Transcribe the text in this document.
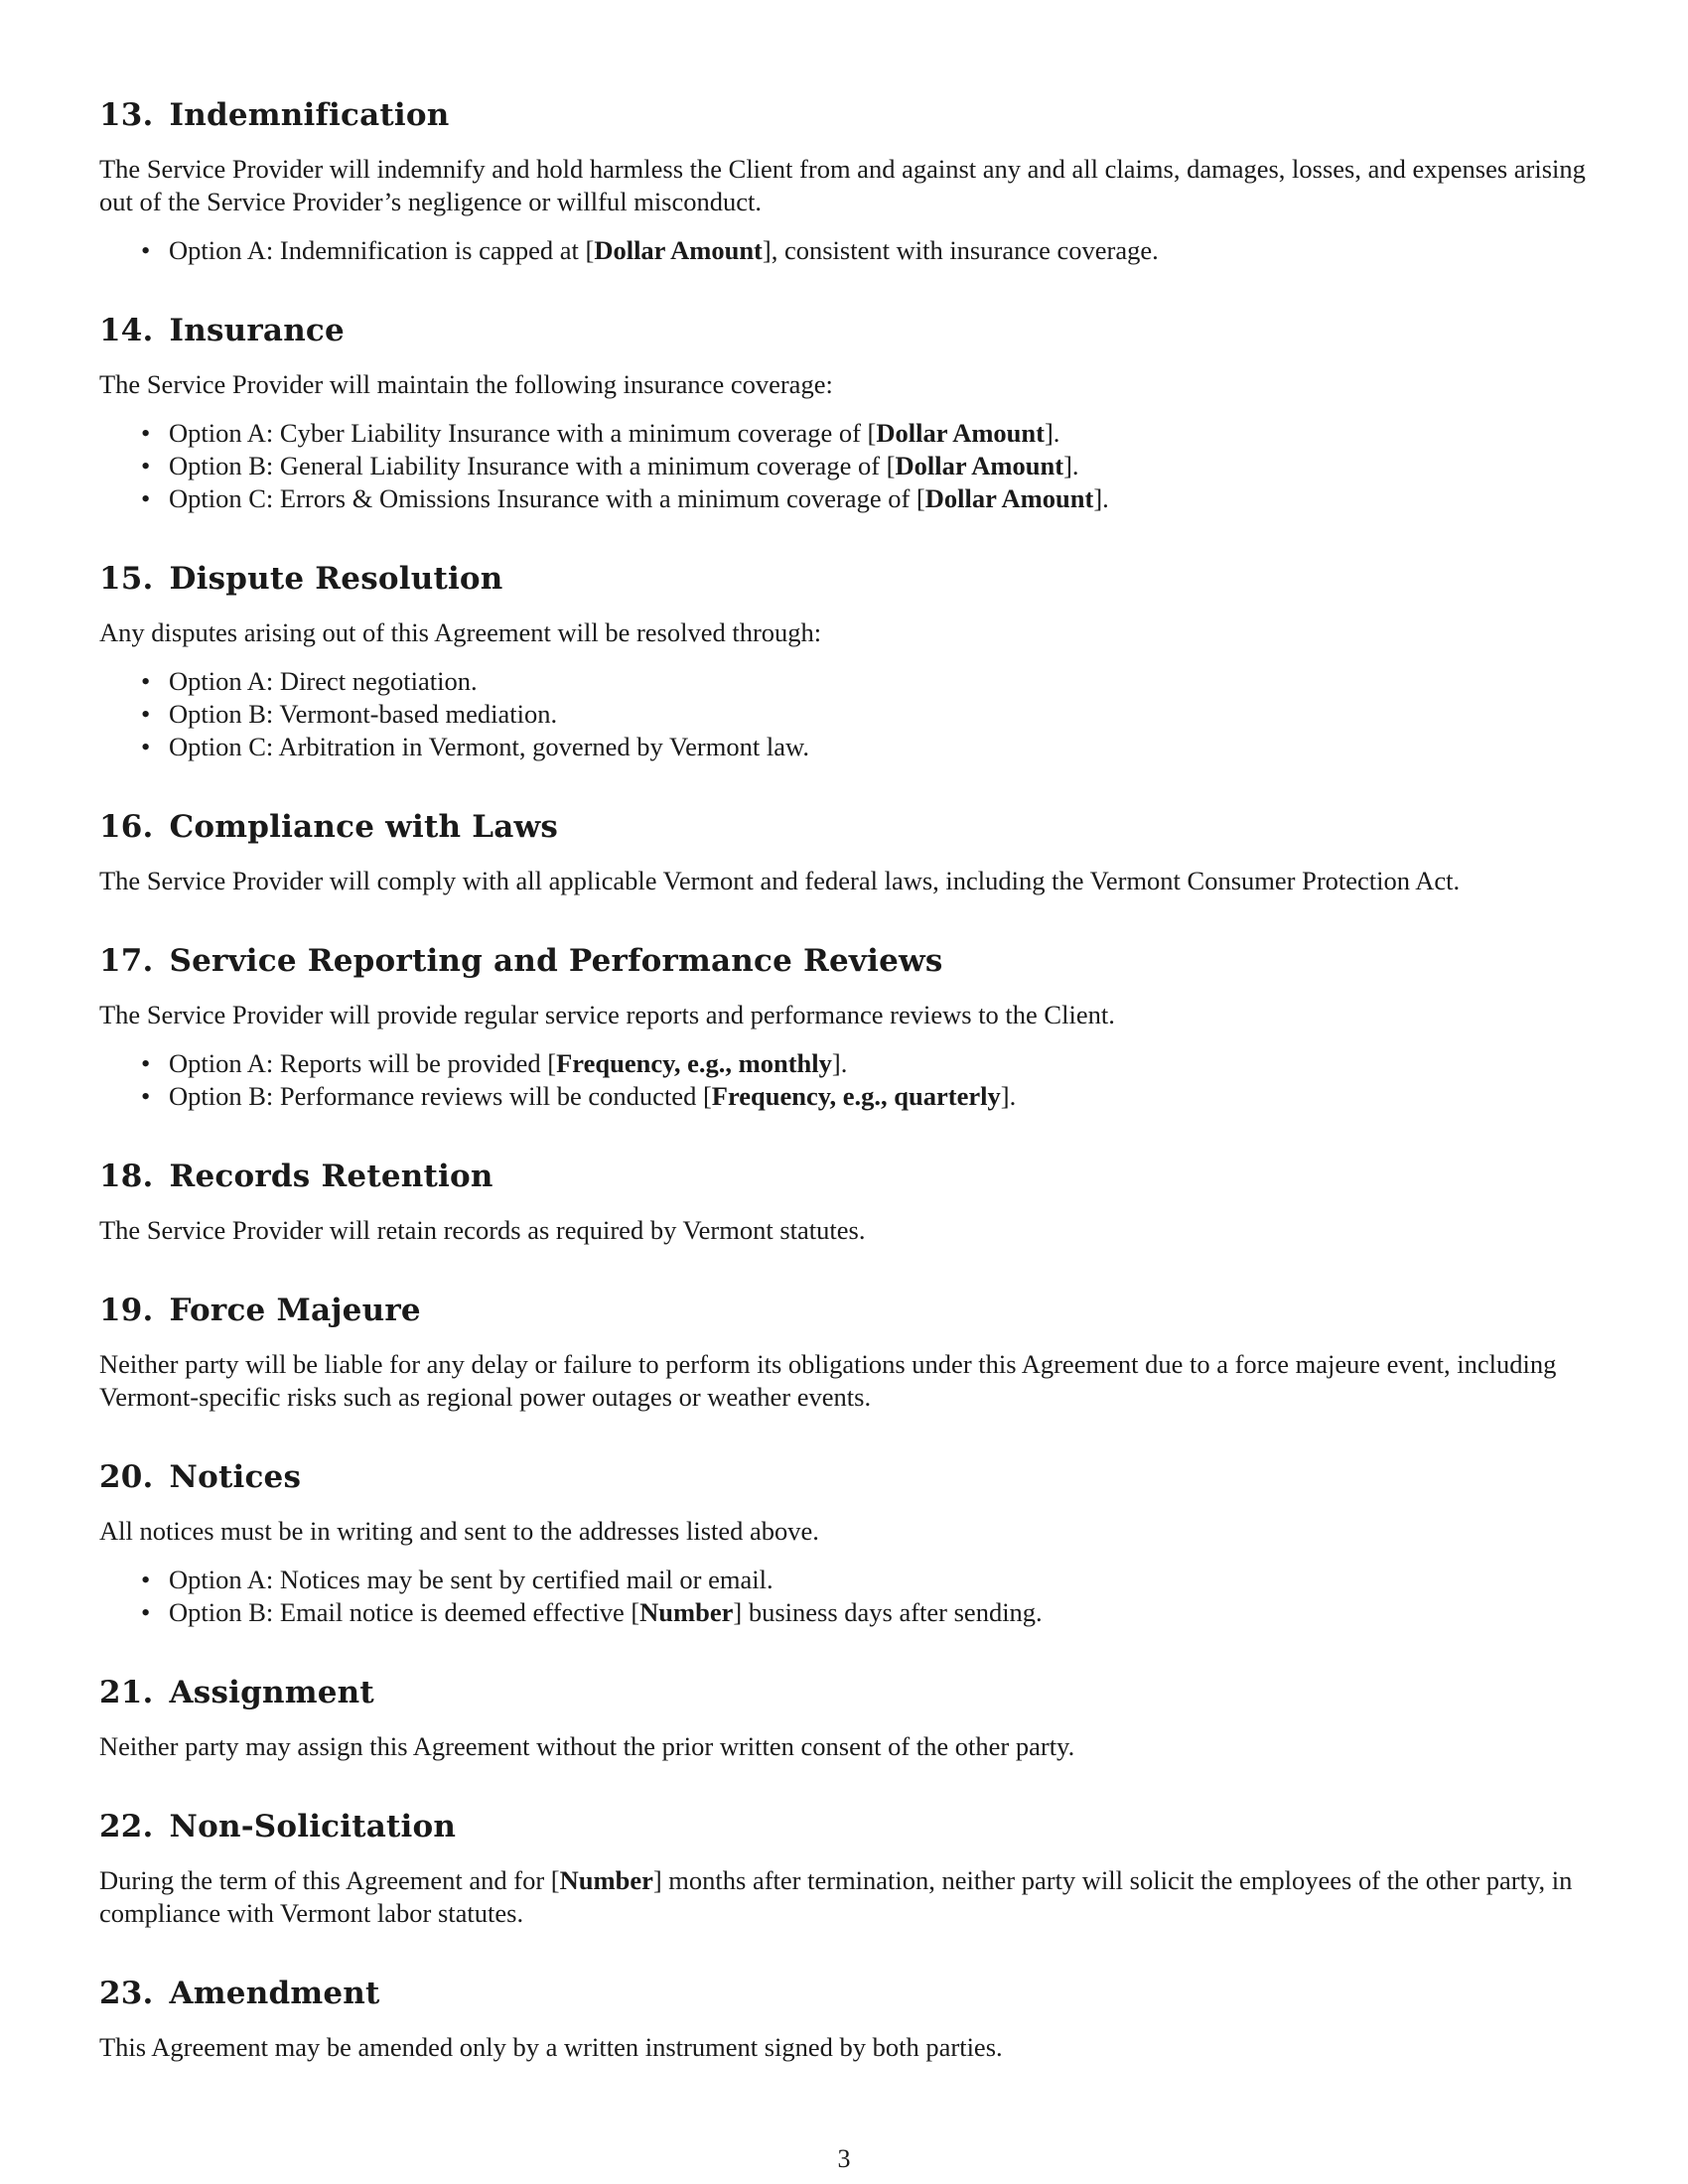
13. Indemnification

The Service Provider will indemnify and hold harmless the Client from and against any and all claims, damages, losses, and expenses arising out of the Service Provider’s negligence or willful misconduct.

• Option A: Indemnification is capped at [Dollar Amount], consistent with insurance coverage.
14. Insurance

The Service Provider will maintain the following insurance coverage:

• Option A: Cyber Liability Insurance with a minimum coverage of [Dollar Amount].
• Option B: General Liability Insurance with a minimum coverage of [Dollar Amount].
• Option C: Errors & Omissions Insurance with a minimum coverage of [Dollar Amount].
15. Dispute Resolution

Any disputes arising out of this Agreement will be resolved through:

• Option A: Direct negotiation.
• Option B: Vermont-based mediation.
• Option C: Arbitration in Vermont, governed by Vermont law.
16. Compliance with Laws

The Service Provider will comply with all applicable Vermont and federal laws, including the Vermont Consumer Protection Act.

17. Service Reporting and Performance Reviews

The Service Provider will provide regular service reports and performance reviews to the Client.

• Option A: Reports will be provided [Frequency, e.g., monthly].
• Option B: Performance reviews will be conducted [Frequency, e.g., quarterly].
18. Records Retention

The Service Provider will retain records as required by Vermont statutes.

19. Force Majeure

Neither party will be liable for any delay or failure to perform its obligations under this Agreement due to a force majeure event, including Vermont-specific risks such as regional power outages or weather events.

20. Notices

All notices must be in writing and sent to the addresses listed above.

• Option A: Notices may be sent by certified mail or email.
• Option B: Email notice is deemed effective [Number] business days after sending.
21. Assignment

Neither party may assign this Agreement without the prior written consent of the other party.

22. Non-Solicitation

During the term of this Agreement and for [Number] months after termination, neither party will solicit the employees of the other party, in compliance with Vermont labor statutes.

23. Amendment

This Agreement may be amended only by a written instrument signed by both parties.

3
